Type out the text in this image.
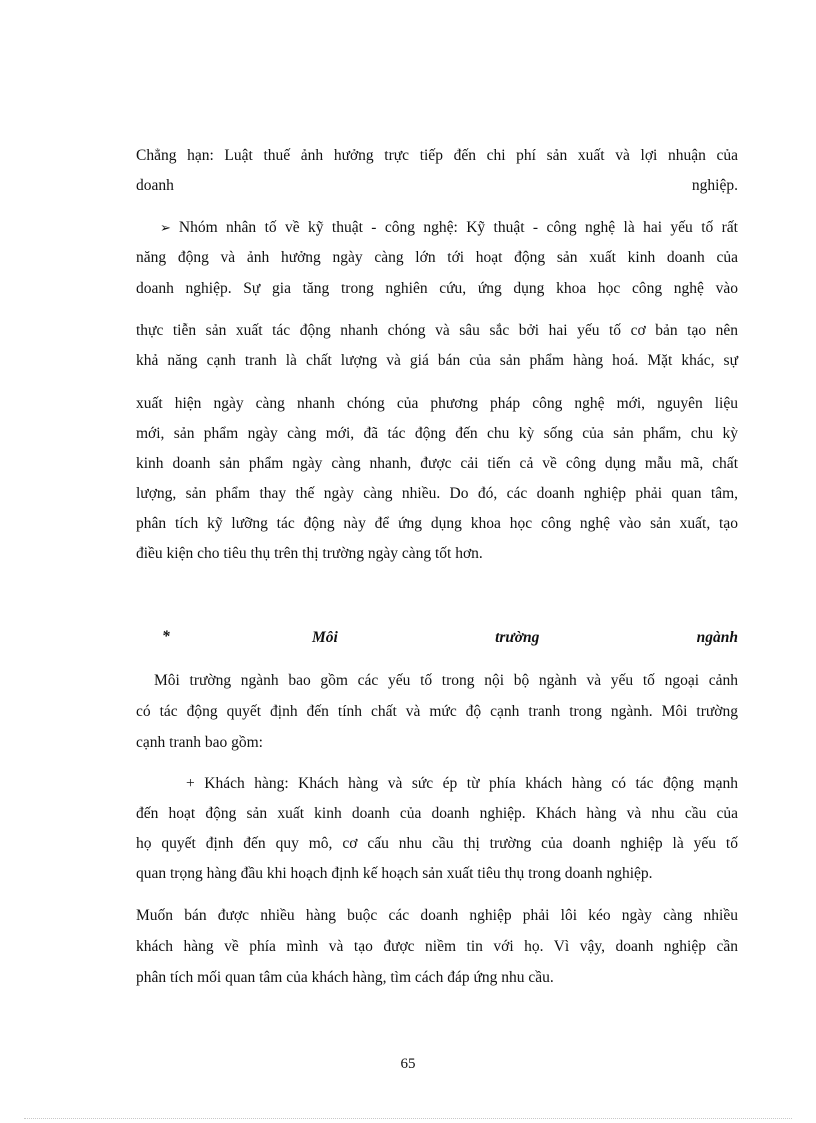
Chẳng hạn: Luật thuế ảnh hưởng trực tiếp đến chi phí sản xuất và lợi nhuận của
doanh nghiệp.
➢ Nhóm nhân tố về kỹ thuật - công nghệ: Kỹ thuật - công nghệ là hai yếu tố rất
năng động và ảnh hưởng ngày càng lớn tới hoạt động sản xuất kinh doanh của
doanh nghiệp. Sự gia tăng trong nghiên cứu, ứng dụng khoa học công nghệ vào
thực tiễn sản xuất tác động nhanh chóng và sâu sắc bởi hai yếu tố cơ bản tạo nên
khả năng cạnh tranh là chất lượng và giá bán của sản phẩm hàng hoá. Mặt khác, sự
xuất hiện ngày càng nhanh chóng của phương pháp công nghệ mới, nguyên liệu
mới, sản phẩm ngày càng mới, đã tác động đến chu kỳ sống của sản phẩm, chu kỳ
kinh doanh sản phẩm ngày càng nhanh, được cải tiến cả về công dụng mẫu mã, chất
lượng, sản phẩm thay thế ngày càng nhiều. Do đó, các doanh nghiệp phải quan tâm,
phân tích kỹ lưỡng tác động này để ứng dụng khoa học công nghệ vào sản xuất, tạo
điều kiện cho tiêu thụ trên thị trường ngày càng tốt hơn.
*	Môi	trường	ngành
Môi trường ngành bao gồm các yếu tố trong nội bộ ngành và yếu tố ngoại cảnh
có tác động quyết định đến tính chất và mức độ cạnh tranh trong ngành. Môi trường
cạnh tranh bao gồm:
+ Khách hàng: Khách hàng và sức ép từ phía khách hàng có tác động mạnh
đến hoạt động sản xuất kinh doanh của doanh nghiệp. Khách hàng và nhu cầu của
họ quyết định đến quy mô, cơ cấu nhu cầu thị trường của doanh nghiệp là yếu tố
quan trọng hàng đầu khi hoạch định kế hoạch sản xuất tiêu thụ trong doanh nghiệp.
Muốn bán được nhiều hàng buộc các doanh nghiệp phải lôi kéo ngày càng nhiều
khách hàng về phía mình và tạo được niềm tin với họ. Vì vậy, doanh nghiệp cần
phân tích mối quan tâm của khách hàng, tìm cách đáp ứng nhu cầu.
65
